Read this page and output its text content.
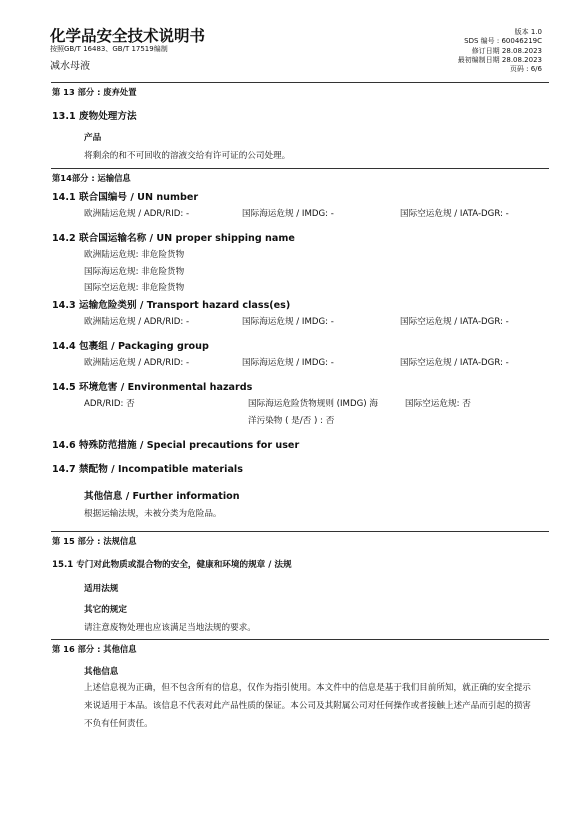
化学品安全技术说明书
按照GB/T 16483、GB/T 17519编制
减水母液
版本 1.0
SDS 编号 : 60046219C
修订日期 28.08.2023
最初编制日期 28.08.2023
页码 : 6/6
第 13 部分 : 废弃处置
13.1 废物处理方法
产品
将剩余的和不可回收的溶液交给有许可证的公司处理。
第14部分 : 运输信息
14.1 联合国编号 / UN number
欧洲陆运危规 / ADR/RID: -	国际海运危规 / IMDG: -	国际空运危规 / IATA-DGR: -
14.2 联合国运输名称 / UN proper shipping name
欧洲陆运危规: 非危险货物
国际海运危规: 非危险货物
国际空运危规: 非危险货物
14.3 运输危险类别 / Transport hazard class(es)
欧洲陆运危规 / ADR/RID: -	国际海运危规 / IMDG: -	国际空运危规 / IATA-DGR: -
14.4 包裹组 / Packaging group
欧洲陆运危规 / ADR/RID: -	国际海运危规 / IMDG: -	国际空运危规 / IATA-DGR: -
14.5 环境危害 / Environmental hazards
ADR/RID: 否	国际海运危险货物规则 (IMDG) 海
洋污染物 ( 是/否 ) : 否
国际空运危规: 否
14.6 特殊防范措施 / Special precautions for user
14.7 禁配物 / Incompatible materials
其他信息 / Further information
根据运输法规，未被分类为危险品。
第 15 部分 : 法规信息
15.1 专门对此物质或混合物的安全，健康和环境的规章 / 法规
适用法规
其它的规定
请注意废物处理也应该满足当地法规的要求。
第 16 部分 : 其他信息
其他信息
上述信息视为正确，但不包含所有的信息，仅作为指引使用。本文件中的信息是基于我们目前所知，就正确的安全提示来说适用于本品。该信息不代表对此产品性质的保证。本公司及其附属公司对任何操作或者接触上述产品而引起的损害不负有任何责任。
